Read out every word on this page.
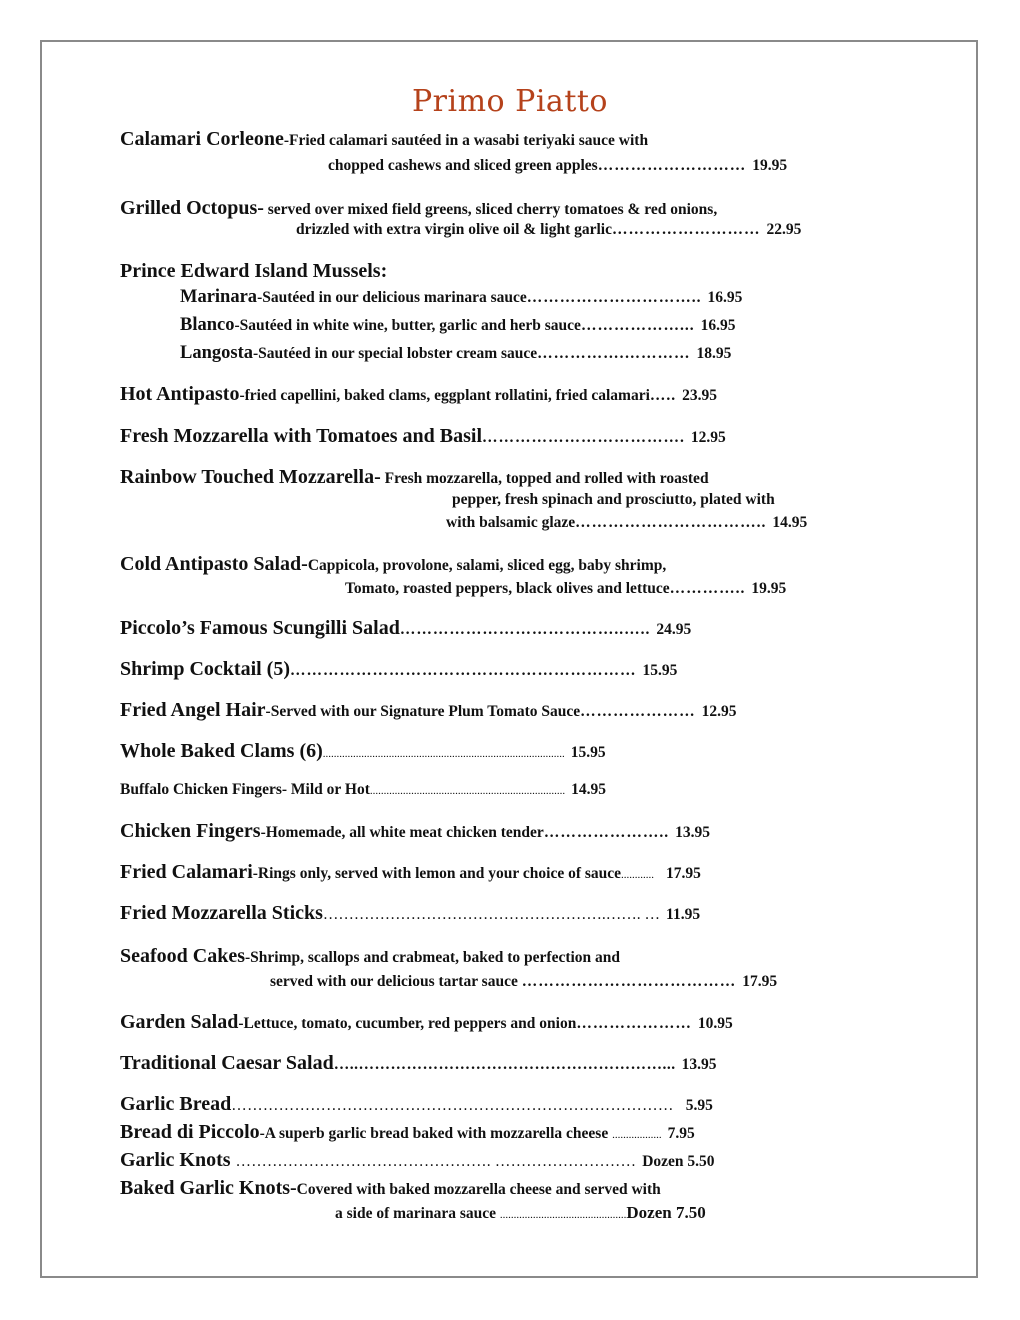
Primo Piatto
Calamari Corleone-Fried calamari sautéed in a wasabi teriyaki sauce with
chopped cashews and sliced green apples……………………… 19.95
Grilled Octopus- served over mixed field greens, sliced cherry tomatoes & red onions,
drizzled with extra virgin olive oil & light garlic……………………… 22.95
Prince Edward Island Mussels:
Marinara-Sautéed in our delicious marinara sauce………………………….. 16.95
Blanco-Sautéed in white wine, butter, garlic and herb sauce………………... 16.95
Langosta-Sautéed in our special lobster cream sauce…………….………… 18.95
Hot Antipasto-fried capellini, baked clams, eggplant rollatini, fried calamari….. 23.95
Fresh Mozzarella with Tomatoes and Basil………………………………. 12.95
Rainbow Touched Mozzarella- Fresh mozzarella, topped and rolled with roasted
pepper, fresh spinach and prosciutto, plated with
with balsamic glaze…………………………….. 14.95
Cold Antipasto Salad-Cappicola, provolone, salami, sliced egg, baby shrimp,
Tomato, roasted peppers, black olives and lettuce………….. 19.95
Piccolo’s Famous Scungilli Salad…………………………………..….. 24.95
Shrimp Cocktail (5)……………………………………………………… 15.95
Fried Angel Hair-Served with our Signature Plum Tomato Sauce………………… 12.95
Whole Baked Clams (6)........................................................................................ 15.95
Buffalo Chicken Fingers- Mild or Hot....................................................................... 14.95
Chicken Fingers-Homemade, all white meat chicken tender………………….. 13.95
Fried Calamari-Rings only, served with lemon and your choice of sauce............ 17.95
Fried Mozzarella Sticks……………………………………………….……. … 11.95
Seafood Cakes-Shrimp, scallops and crabmeat, baked to perfection and
served with our delicious tartar sauce ………………………………… 17.95
Garden Salad-Lettuce, tomato, cucumber, red peppers and onion………………… 10.95
Traditional Caesar Salad…..…………………………………………………... 13.95
Garlic Bread………………………………………………………………………… 5.95
Bread di Piccolo-A superb garlic bread baked with mozzarella cheese .................. 7.95
Garlic Knots …………………………………………. ……………………… Dozen 5.50
Baked Garlic Knots-Covered with baked mozzarella cheese and served with
a side of marinara sauce ..............................................Dozen 7.50
